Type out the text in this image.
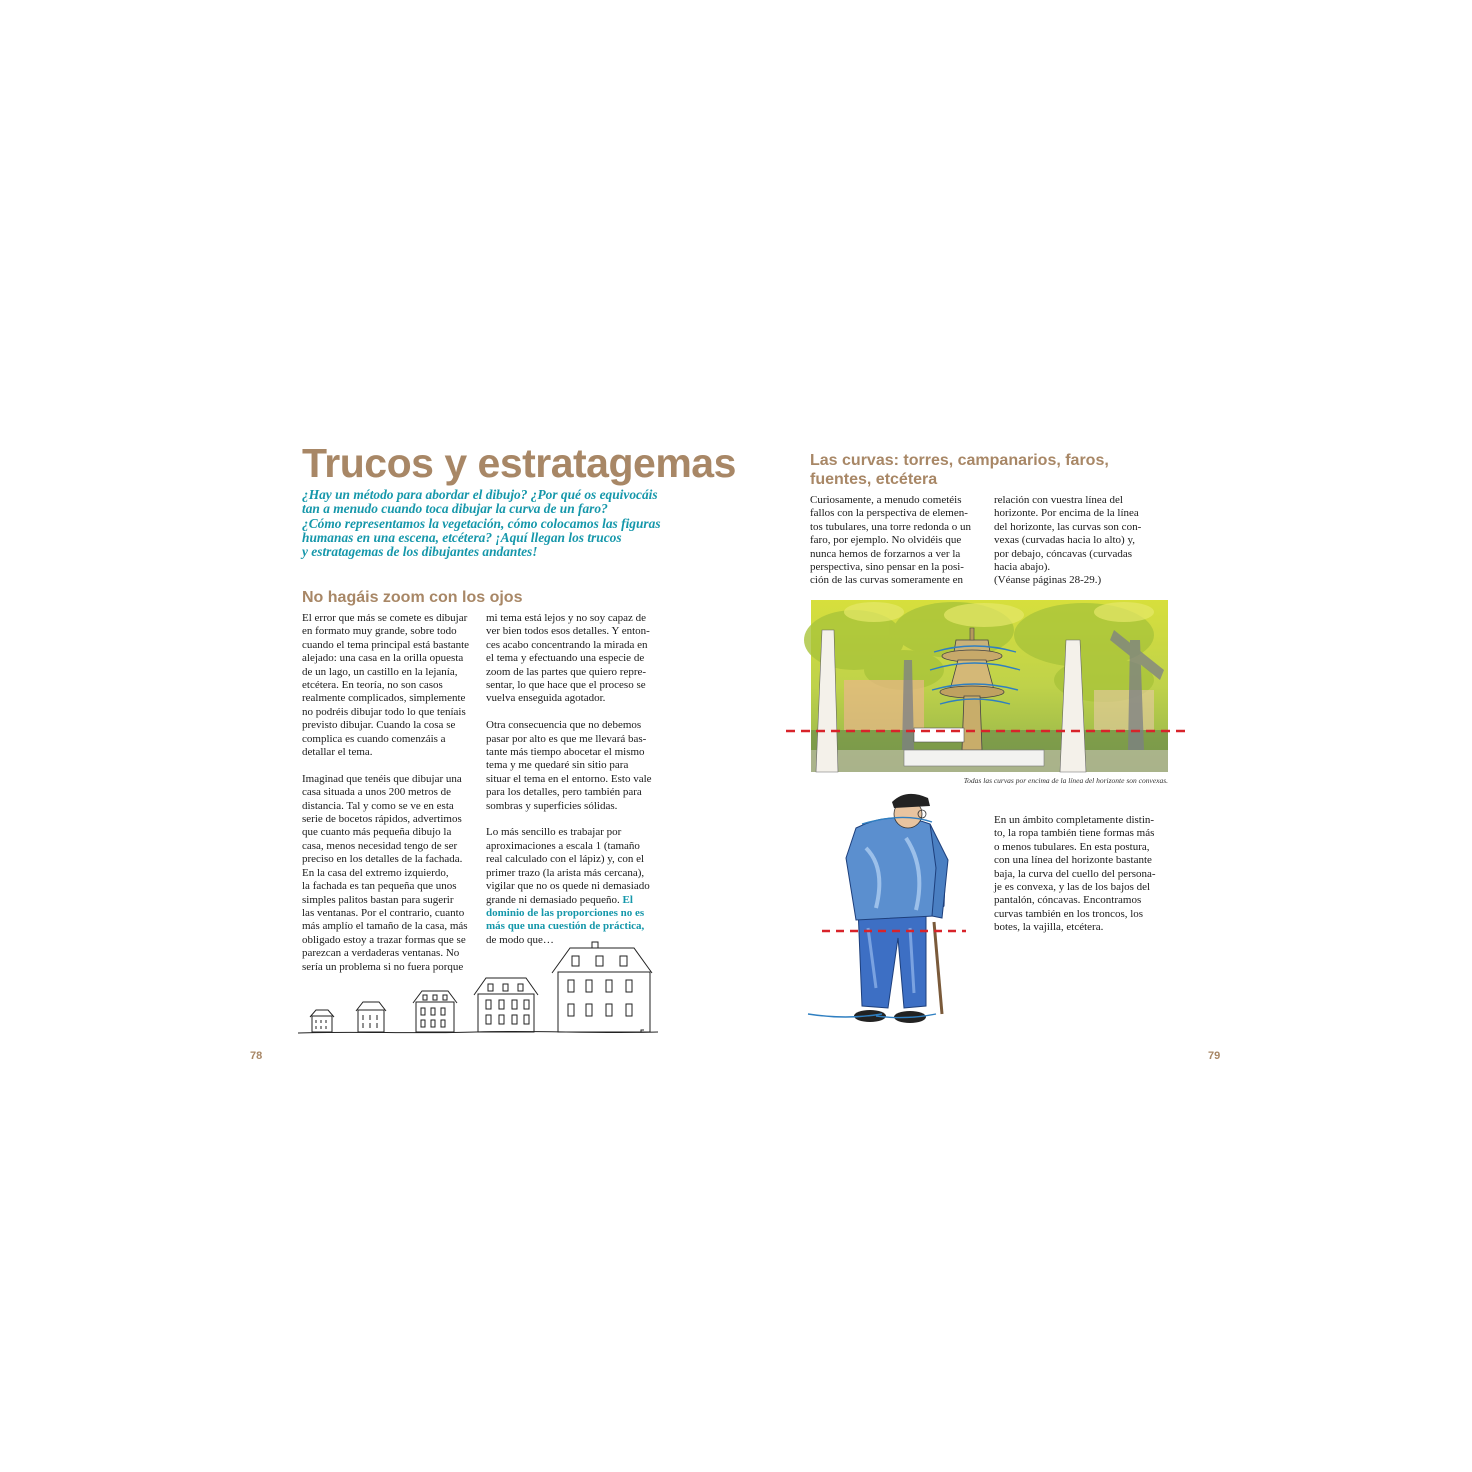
Trucos y estratagemas
¿Hay un método para abordar el dibujo? ¿Por qué os equivocáis
tan a menudo cuando toca dibujar la curva de un faro?
¿Cómo representamos la vegetación, cómo colocamos las figuras
humanas en una escena, etcétera? ¡Aquí llegan los trucos
y estratagemas de los dibujantes andantes!
No hagáis zoom con los ojos
El error que más se comete es dibujar
en formato muy grande, sobre todo
cuando el tema principal está bastante
alejado: una casa en la orilla opuesta
de un lago, un castillo en la lejanía,
etcétera. En teoría, no son casos
realmente complicados, simplemente
no podréis dibujar todo lo que teníais
previsto dibujar. Cuando la cosa se
complica es cuando comenzáis a
detallar el tema.
Imaginad que tenéis que dibujar una
casa situada a unos 200 metros de
distancia. Tal y como se ve en esta
serie de bocetos rápidos, advertimos
que cuanto más pequeña dibujo la
casa, menos necesidad tengo de ser
preciso en los detalles de la fachada.
En la casa del extremo izquierdo,
la fachada es tan pequeña que unos
simples palitos bastan para sugerir
las ventanas. Por el contrario, cuanto
más amplío el tamaño de la casa, más
obligado estoy a trazar formas que se
parezcan a verdaderas ventanas. No
sería un problema si no fuera porque
mi tema está lejos y no soy capaz de
ver bien todos esos detalles. Y enton-
ces acabo concentrando la mirada en
el tema y efectuando una especie de
zoom de las partes que quiero repre-
sentar, lo que hace que el proceso se
vuelva enseguida agotador.
Otra consecuencia que no debemos
pasar por alto es que me llevará bas-
tante más tiempo abocetar el mismo
tema y me quedaré sin sitio para
situar el tema en el entorno. Esto vale
para los detalles, pero también para
sombras y superficies sólidas.
Lo más sencillo es trabajar por
aproximaciones a escala 1 (tamaño
real calculado con el lápiz) y, con el
primer trazo (la arista más cercana),
vigilar que no os quede ni demasiado
grande ni demasiado pequeño. El
dominio de las proporciones no es
más que una cuestión de práctica,
de modo que…
78
Las curvas: torres, campanarios, faros,
fuentes, etcétera
Curiosamente, a menudo cometéis
fallos con la perspectiva de elemen-
tos tubulares, una torre redonda o un
faro, por ejemplo. No olvidéis que
nunca hemos de forzarnos a ver la
perspectiva, sino pensar en la posi-
ción de las curvas someramente en
relación con vuestra línea del
horizonte. Por encima de la línea
del horizonte, las curvas son con-
vexas (curvadas hacia lo alto) y,
por debajo, cóncavas (curvadas
hacia abajo).
(Véanse páginas 28-29.)
Todas las curvas por encima de la línea del horizonte son convexas.
En un ámbito completamente distin-
to, la ropa también tiene formas más
o menos tubulares. En esta postura,
con una línea del horizonte bastante
baja, la curva del cuello del persona-
je es convexa, y las de los bajos del
pantalón, cóncavas. Encontramos
curvas también en los troncos, los
botes, la vajilla, etcétera.
79
